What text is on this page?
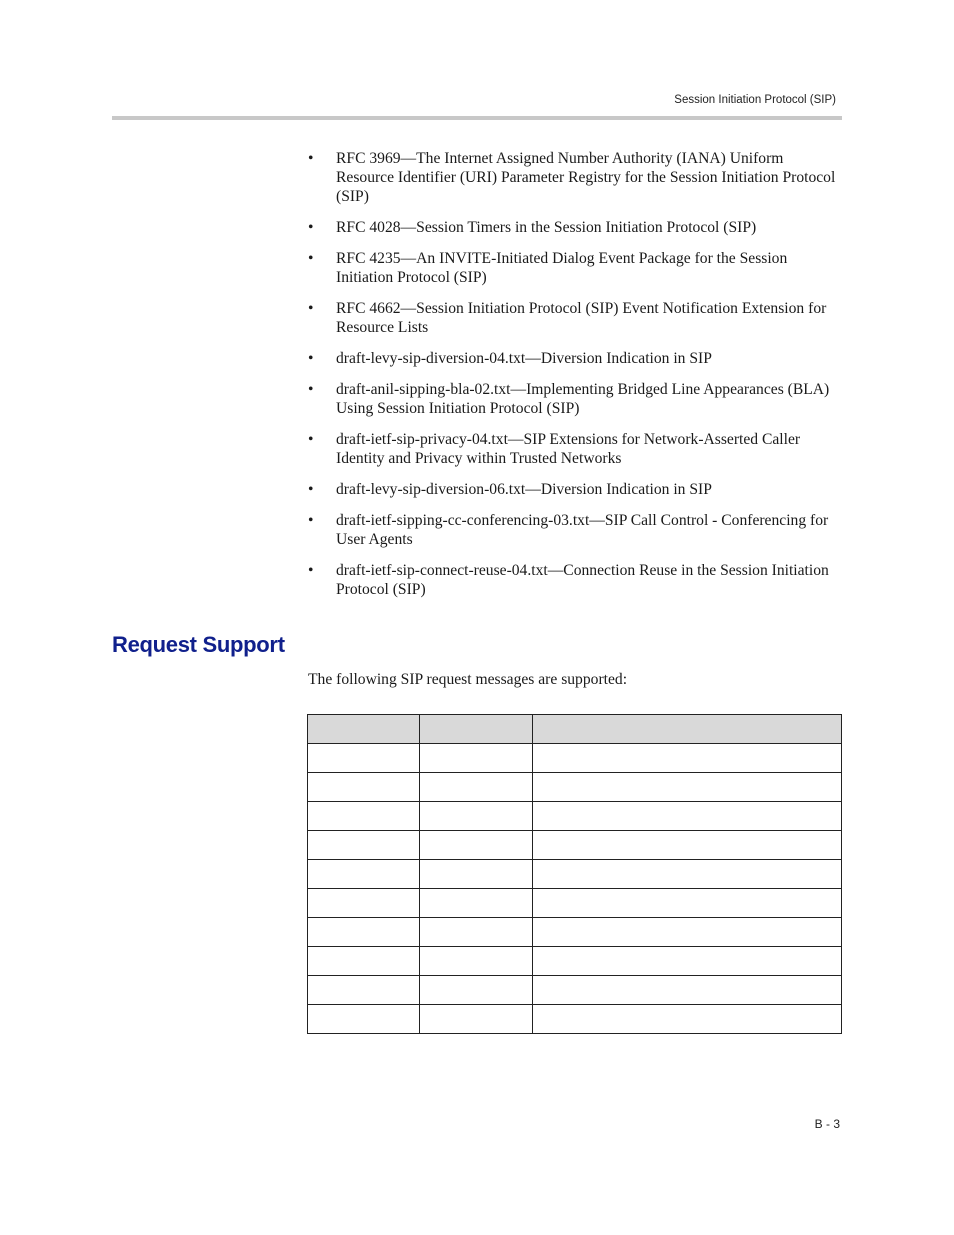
Session Initiation Protocol (SIP)
• RFC 3969—The Internet Assigned Number Authority (IANA) Uniform Resource Identifier (URI) Parameter Registry for the Session Initiation Protocol (SIP)
• RFC 4028—Session Timers in the Session Initiation Protocol (SIP)
• RFC 4235—An INVITE-Initiated Dialog Event Package for the Session Initiation Protocol (SIP)
• RFC 4662—Session Initiation Protocol (SIP) Event Notification Extension for Resource Lists
• draft-levy-sip-diversion-04.txt—Diversion Indication in SIP
• draft-anil-sipping-bla-02.txt—Implementing Bridged Line Appearances (BLA) Using Session Initiation Protocol (SIP)
• draft-ietf-sip-privacy-04.txt—SIP Extensions for Network-Asserted Caller Identity and Privacy within Trusted Networks
• draft-levy-sip-diversion-06.txt—Diversion Indication in SIP
• draft-ietf-sipping-cc-conferencing-03.txt—SIP Call Control - Conferencing for User Agents
• draft-ietf-sip-connect-reuse-04.txt—Connection Reuse in the Session Initiation Protocol (SIP)
Request Support
The following SIP request messages are supported:

B - 3
